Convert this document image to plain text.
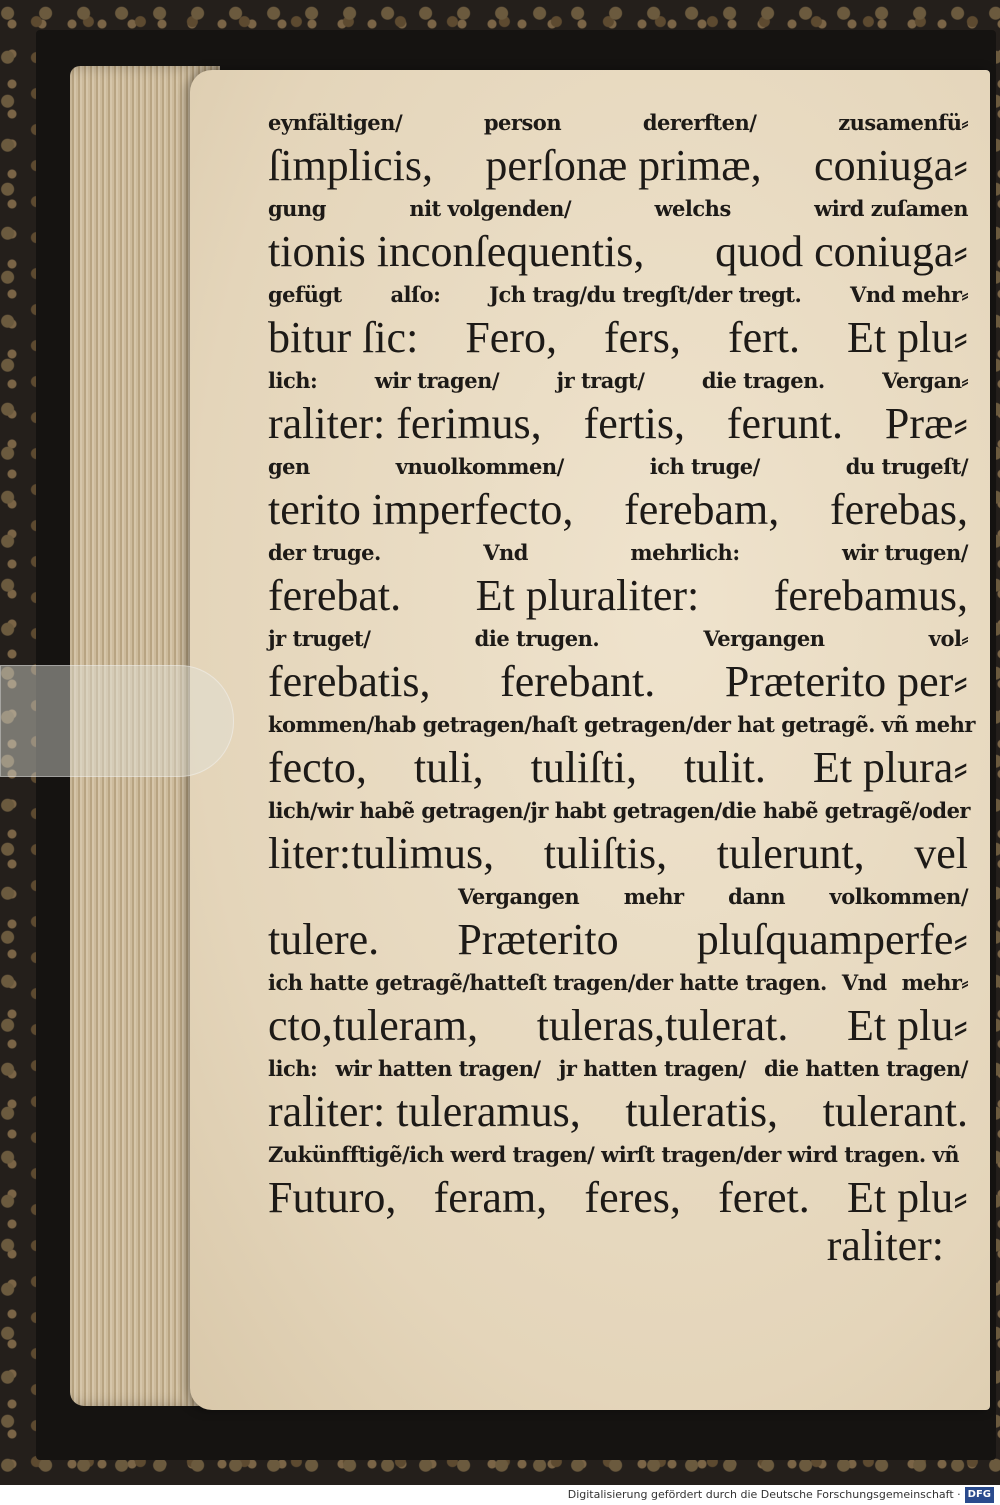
eynfältigen/	person	dererften/	zusamenfü⸗
ſimplicis, perſonæ primæ, coniuga⸗
gung	nit volgenden/	welchs	wird zuſamen
tionis inconſequentis, quod coniuga⸗
gefügt alſo: Jch trag/du tregſt/der tregt. Vnd mehr⸗
bitur ſic: Fero, fers, fert. Et plu⸗
lich:	wir tragen/	jr tragt/	die tragen.	Vergan⸗
raliter: ferimus, fertis, ferunt. Præ⸗
gen	vnuolkommen/	ich truge/	du trugeſt/
terito imperfecto, ferebam, ferebas,
der truge.	Vnd	mehrlich:	wir trugen/
ferebat. Et pluraliter: ferebamus,
jr truget/	die trugen.	Vergangen	vol⸗
ferebatis, ferebant. Præterito per⸗
kommen/hab getragen/haſt getragen/der hat getragẽ. vñ mehr
fecto, tuli, tuliſti, tulit. Et plura⸗
lich/wir habẽ getragen/jr habt getragen/die habẽ getragẽ/oder
liter:tulimus, tuliſtis, tulerunt, vel
Vergangen mehr dann volkommen/
tulere. Præterito pluſquamperfe⸗
ich hatte getragẽ/hatteſt tragen/der hatte tragen. Vnd mehr⸗
cto,tuleram, tuleras,tulerat. Et plu⸗
lich: wir hatten tragen/ jr hatten tragen/ die hatten tragen/
raliter: tuleramus, tuleratis, tulerant.
Zukünfftigẽ/ich werd tragen/ wirſt tragen/der wird tragen. vñ
Futuro, feram, feres, feret. Et plu⸗
raliter:
Digitalisierung gefördert durch die Deutsche Forschungsgemeinschaft · DFG
